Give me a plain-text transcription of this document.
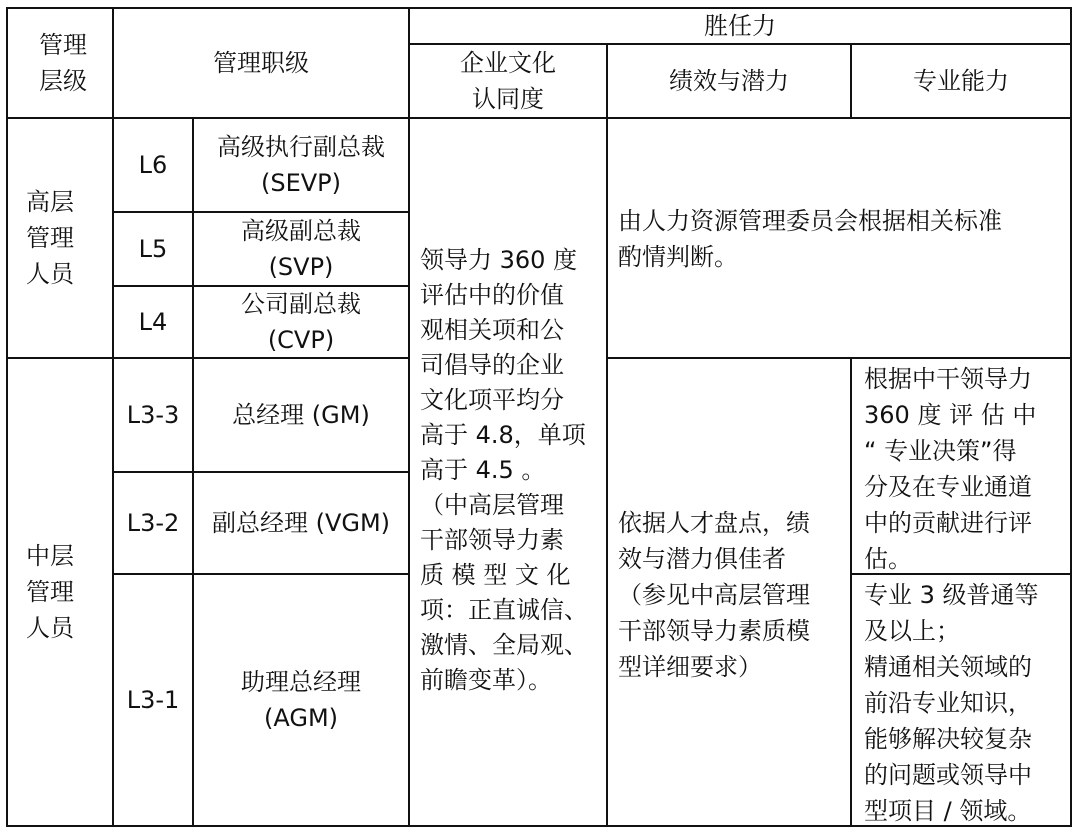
管理
层级
管理职级
胜任力
企业文化
认同度
绩效与潜力	专业能力
高层
管理
人员
中层
管理
人员
L6
L5
L4
L3-3
L3-2
L3-1
高级执行副总裁
(SEVP)
高级副总裁
(SVP)
公司副总裁
(CVP)
总经理 (GM)
副总经理 (VGM)
助理总经理
(AGM)
领导力 360 度
评估中的价值
观相关项和公
司倡导的企业
文化项平均分
高于 4.8，单项
高于 4.5 。
（中高层管理
干部领导力素
质 模 型 文 化
项：正直诚信、
激情、全局观、
前瞻变革）。
由人力资源管理委员会根据相关标准
酌情判断。
依据人才盘点，绩
效与潜力俱佳者
（参见中高层管理
干部领导力素质模
型详细要求）
根据中干领导力
360 度 评 估 中
“ 专业决策”得
分及在专业通道
中的贡献进行评
估。
专业 3 级普通等
及以上；
精通相关领域的
前沿专业知识，
能够解决较复杂
的问题或领导中
型项目 / 领域。
